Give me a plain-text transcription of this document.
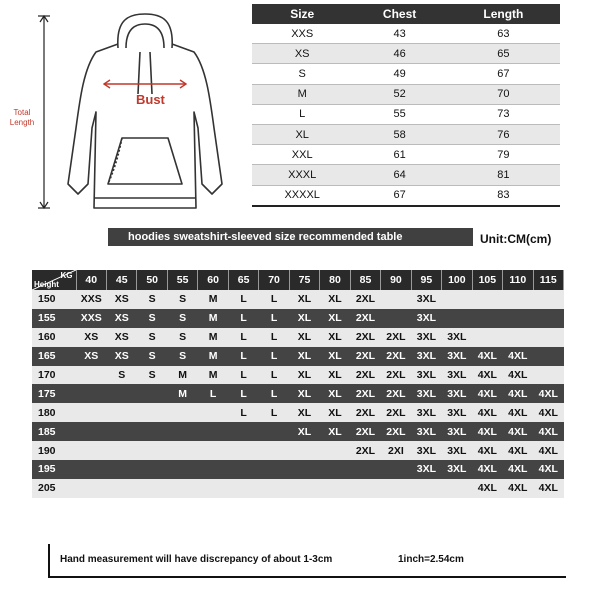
Total
Length
Bust
Size	Chest	Length
XXS	43	63
XS	46	65
S	49	67
M	52	70
L	55	73
XL	58	76
XXL	61	79
XXXL	64	81
XXXXL	67	83
hoodies sweatshirt-sleeved size recommended table	Unit:CM(cm)
KG
Height	40	45	50	55	60	65	70	75	80	85	90	95	100	105	110	115
150	XXS	XS	S	S	M	L	L	XL	XL	2XL		3XL				
155	XXS	XS	S	S	M	L	L	XL	XL	2XL		3XL				
160	XS	XS	S	S	M	L	L	XL	XL	2XL	2XL	3XL	3XL			
165	XS	XS	S	S	M	L	L	XL	XL	2XL	2XL	3XL	3XL	4XL	4XL	
170		S	S	M	M	L	L	XL	XL	2XL	2XL	3XL	3XL	4XL	4XL	
175				M	L	L	L	XL	XL	2XL	2XL	3XL	3XL	4XL	4XL	4XL
180						L	L	XL	XL	2XL	2XL	3XL	3XL	4XL	4XL	4XL
185								XL	XL	2XL	2XL	3XL	3XL	4XL	4XL	4XL
190										2XL	2XI	3XL	3XL	4XL	4XL	4XL
195												3XL	3XL	4XL	4XL	4XL
205														4XL	4XL	4XL
Hand measurement will have discrepancy of about 1-3cm	1inch=2.54cm
